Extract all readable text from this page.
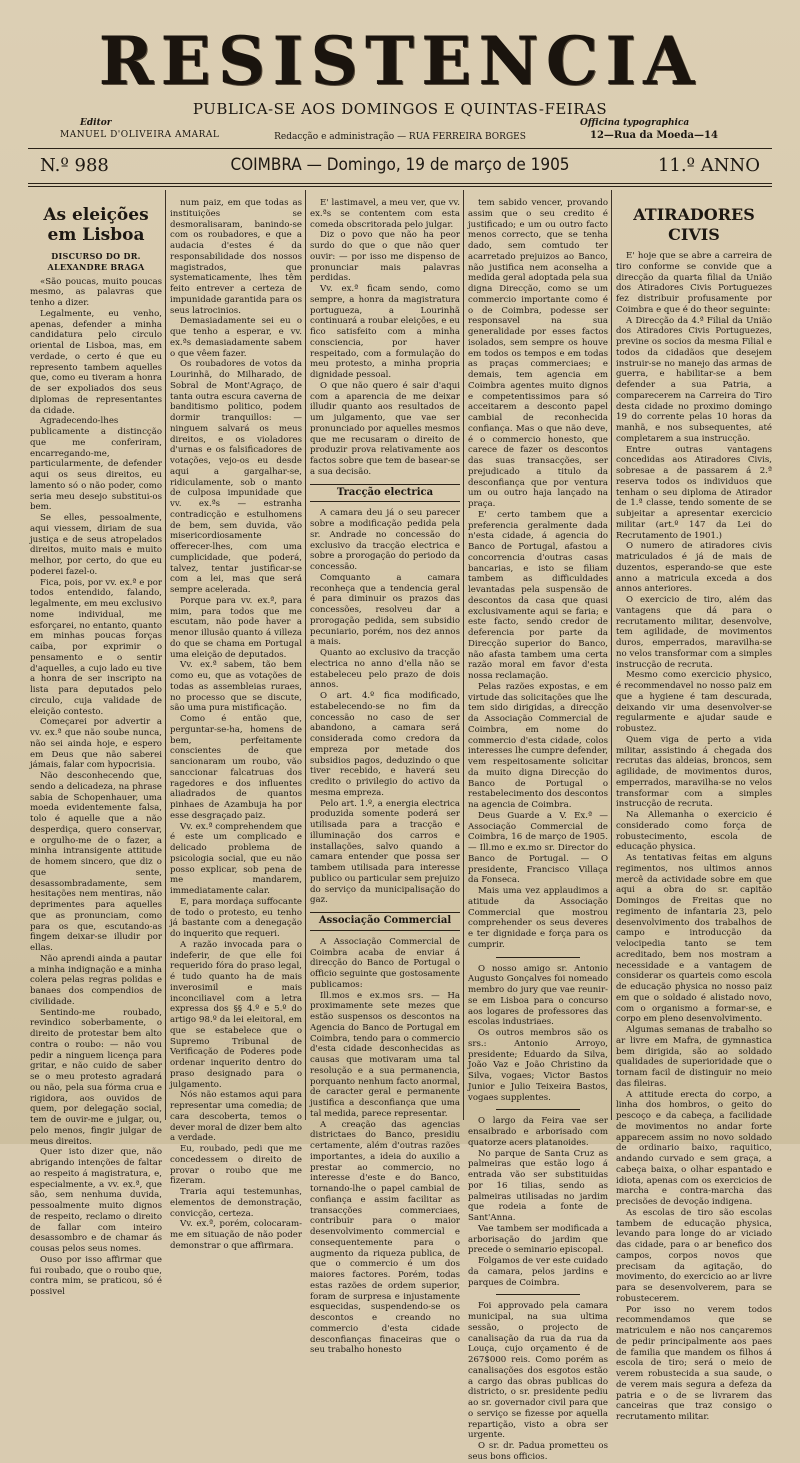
RESISTENCIA
PUBLICA-SE AOS DOMINGOS E QUINTAS-FEIRAS
Editor
MANUEL D'OLIVEIRA AMARAL
Officina typographica
12—Rua da Moeda—14
Redacção e administração — RUA FERREIRA BORGES
N.º 988	COIMBRA — Domingo, 19 de março de 1905	11.º ANNO
As eleições em Lisboa
DISCURSO DO DR. ALEXANDRE BRAGA

«São poucas, muito poucas mesmo, as palavras que tenho a dizer.

Legalmente, eu venho, apenas, defender a minha candidatura pelo circulo oriental de Lisboa, mas, em verdade, o certo é que eu represento tambem aquelles que, como eu tiveram a honra de ser expoliados dos seus diplomas de representantes da cidade.

Agradecendo-lhes publicamente a distincção que me conferiram, encarregando-me, particularmente, de defender aqui os seus direitos, eu lamento só o não poder, como seria meu desejo substitui-os bem.

Se elles, pessoalmente, aqui viessem, diriam de sua justiça e de seus atropelados direitos, muito mais e muito melhor, por certo, do que eu poderei fazel-o.

Fica, pois, por vv. ex.ª e por todos entendido, falando, legalmente, em meu exclusivo nome individual, me esforçarei, no entanto, quanto em minhas poucas forças caiba, por exprimir o pensamento e o sentir d'aquelles, a cujo lado eu tive a honra de ser inscripto na lista para deputados pelo circulo, cuja validade de eleição contesto.

Começarei por advertir a vv. ex.ª que não soube nunca, não sei ainda hoje, e espero em Deus que não saberei jámais, falar com hypocrisia.

Não desconhecendo que, sendo a delicadeza, na phrase sabia de Schopenhauer, uma moeda evidentemente falsa, tolo é aquelle que a não desperdiça, quero conservar, e orgulho-me de o fazer, a minha intransigente attitude de homem sincero, que diz o que sente, desassombradamente, sem hesitações nem mentiras, não deprimentes para aquelles que as pronunciam, como para os que, escutando-as fingem deixar-se illudir por ellas.

Não aprendi ainda a pautar a minha indignação e a minha colera pelas regras polidas e banaes dos compendios de civilidade.

Sentindo-me roubado, revindico soberbamente, o direito de protestar bem alto contra o roubo: — não vou pedir a ninguem licença para gritar, e não cuido de saber se o meu protesto agradará ou não, pela sua fórma crua e rigidora, aos ouvidos de quem, por delegação social, tem de ouvir-me e julgar, ou, pelo menos, fingir julgar de meus direitos.

Quer isto dizer que, não abrigando intenções de faltar ao respeito á magistratura, e, especialmente, a vv. ex.ª, que são, sem nenhuma duvida, pessoalmente muito dignos de respeito, reclamo o direito de fallar com inteiro desassombro e de chamar ás cousas pelos seus nomes.

Ouso por isso affirmar que fui roubado, que o roubo que, contra mim, se praticou, só é possivel

num paiz, em que todas as instituições se desmoralisaram, banindo-se com os roubadores, e que a audacia d'estes é da responsabilidade dos nossos magistrados, que systematicamente, lhes têm feito entrever a certeza de impunidade garantida para os seus latrocinios.

Demasiadamente sei eu o que tenho a esperar, e vv. ex.ªs demasiadamente sabem o que vêem fazer.

Os roubadores de votos da Lourinhã, do Milharado, de Sobral de Mont'Agraço, de tanta outra escura caverna de banditismo politico, podem dormir tranquillos: — ninguem salvará os meus direitos, e os violadores d'urnas e os falsificadores de votações, vejo-os eu desde aqui a gargalhar-se, ridiculamente, sob o manto de culposa impunidade que vv. ex.ªs — estranha contradicção e estulhomens de bem, sem duvida, vão misericordiosamente offerecer-lhes, com uma cumplicidade, que poderá, talvez, tentar justificar-se com a lei, mas que será sempre acelerada.

Porque para vv. ex.ª, para mim, para todos que me escutam, não pode haver a menor illusão quanto á villeza do que se chama em Portugal uma eleição de deputados.

Vv. ex.ª sabem, tão bem como eu, que as votações de todas as assembleias ruraes, no processo que se discute, são uma pura mistificação.

Como é então que, perguntar-se-ha, homens de bem, perfeitamente conscientes de que sancionaram um roubo, vão sanccionar falcatruas dos ragedores e dos influentes aliadrados de quantos pinhaes de Azambuja ha por esse desgraçado paiz.

Vv. ex.ª comprehendem que é este um complicado e delicado problema de psicologia social, que eu não posso explicar, sob pena de me mandarem, immediatamente calar.

E, para mordaça suffocante de todo o protesto, eu tenho já bastante com a denegação do inquerito que requeri.

A razão invocada para o indeferir, de que elle foi requerido fóra do praso legal, é tudo quanto ha de mais inverosimil e mais inconciliavel com a letra expressa dos §§ 4.º e 5.º do artigo 98.º da lei eleitoral, em que se estabelece que o Supremo Tribunal de Verificação de Poderes pode ordenar inquerito dentro do praso designado para o julgamento.

Nós não estamos aqui para representar uma comedia; de cara descoberta, temos o dever moral de dizer bem alto a verdade.

Eu, roubado, pedi que me concedessem o direito de provar o roubo que me fizeram.

Traria aqui testemunhas, elementos de demonstração, convicção, certeza.

Vv. ex.ª, porém, colocaram-me em situação de não poder demonstrar o que affirmara.

E' lastimavel, a meu ver, que vv. ex.ªs se contentem com esta comeda obscritorada pelo julgar.

Diz o povo que não ha peor surdo do que o que não quer ouvir: — por isso me dispenso de pronunciar mais palavras perdidas.

Vv. ex.ª ficam sendo, como sempre, a honra da magistratura portugueza, a Lourinhã continuará a roubar eleições, e eu fico satisfeito com a minha consciencia, por haver respeitado, com a formulação do meu protesto, a minha propria dignidade pessoal.

O que não quero é sair d'aqui com a aparencia de me deixar illudir quanto aos resultados de um julgamento, que vae ser pronunciado por aquelles mesmos que me recusaram o direito de produzir prova relativamente aos factos sobre que tem de basear-se a sua decisão.

Tracção electrica

A camara deu já o seu parecer sobre a modificação pedida pela sr. Andrade no concessão do exclusivo da tracção electrica e sobre a prorogação do periodo da concessão.

Comquanto a camara reconheça que a tendencia geral é para diminuir os prazos das concessões, resolveu dar a prorogação pedida, sem subsidio pecuniario, porém, nos dez annos a mais.

Quanto ao exclusivo da tracção electrica no anno d'ella não se estabeleceu pelo prazo de dois annos.

O art. 4.º fica modificado, estabelecendo-se no fim da concessão no caso de ser abandono, a camara será considerada como credora da empreza por metade dos subsidios pagos, deduzindo o que tiver recebido, e haverá seu credito o privilegio do activo da mesma empreza.

Pelo art. 1.º, a energia electrica produzida somente poderá ser utilisada para a tracção e illuminação dos carros e installações, salvo quando a camara entender que possa ser tambem utilisada para interesse publico ou particular sem prejuizo do serviço da municipalisação do gaz.

Associação Commercial

A Associação Commercial de Coimbra acaba de enviar á direcção do Banco de Portugal o officio seguinte que gostosamente publicamos:

Ill.mos e ex.mos srs. — Ha proximamente sete mezes que estão suspensos os descontos na Agencia do Banco de Portugal em Coimbra, tendo para o commercio d'esta cidade desconhecidas as causas que motivaram uma tal resolução e a sua permanencia, porquanto nenhum facto anormal, de caracter geral e permanente justifica a desconfiança que uma tal medida, parece representar.

A creação das agencias districtaes do Banco, presidiu certamente, além d'outras razões importantes, a ideia do auxilio a prestar ao commercio, no interesse d'este e do Banco, tornando-lhe o papel cambial de confiança e assim facilitar as transacções commerciaes, contribuir para o maior desenvolvimento commercial e consequentemente para o augmento da riqueza publica, de que o commercio é um dos maiores factores. Porém, todas estas razões de ordem superior, foram de surpresa e injustamente esquecidas, suspendendo-se os descontos e creando no commercio d'esta cidade desconfianças finaceiras que o seu trabalho honesto

tem sabido vencer, provando assim que o seu credito é justificado; e um ou outro facto menos correcto, que se tenha dado, sem comtudo ter acarretado prejuizos ao Banco, não justifica nem aconselha a medida geral adoptada pela sua digna Direcção, como se um commercio importante como é o de Coimbra, podesse ser responsavel na sua generalidade por esses factos isolados, sem sempre os houve em todos os tempos e em todas as praças commerciaes; e demais, tem agencia em Coimbra agentes muito dignos e competentissimos para só acceitarem a desconto papel cambial de reconhecida confiança. Mas o que não deve, é o commercio honesto, que carece de fazer os descontos das suas transacções, ser prejudicado a titulo da desconfiança que por ventura um ou outro haja lançado na praça.

E' certo tambem que a preferencia geralmente dada n'esta cidade, á agencia do Banco de Portugal, afastou a concorrencia d'outras casas bancarias, e isto se filiam tambem as difficuldades levantadas pela suspensão de descontos da casa que quasi exclusivamente aqui se faria; e este facto, sendo credor de deferencia por parte da Direcção superior do Banco, não afasta tambem uma certa razão moral em favor d'esta nossa reclamação.

Pelas razões expostas, e em virtude das solicitações que lhe tem sido dirigidas, a direcção da Associação Commercial de Coimbra, em nome do commercio d'esta cidade, colos interesses lhe cumpre defender, vem respeitosamente solicitar da muito digna Direcção do Banco de Portugal o restabelecimento dos descontos na agencia de Coimbra.

Deus Guarde a V. Ex.ª — Associação Commercial de Coimbra, 16 de março de 1905. — Ill.mo e ex.mo sr. Director do Banco de Portugal. — O presidente, Francisco Villaça da Fonseca.

Mais uma vez applaudimos a atitude da Associação Commercial que mostrou comprehender os seus deveres e ter dignidade e força para os cumprir.

O nosso amigo sr. Antonio Augusto Gonçalves foi nomeado membro do jury que vae reunir-se em Lisboa para o concurso aos logares de professores das escolas industriaes.

Os outros membros são os srs.: Antonio Arroyo, presidente; Eduardo da Silva, João Vaz e João Christino da Silva, vogaes; Victor Bastos Junior e Julio Teixeira Bastos, vogaes supplentes.

O largo da Feira vae ser ensaibrado e arborisado com quatorze acers platanoides.

No parque de Santa Cruz as palmeiras que estão logo á entrada vão ser substituidas por 16 tilias, sendo as palmeiras utilisadas no jardim que rodeia a fonte de Sant'Anna.

Vae tambem ser modificada a arborisação do jardim que precede o seminario episcopal.

Folgamos de ver este cuidado da camara, pelos jardins e parques de Coimbra.

Foi approvado pela camara municipal, na sua ultima sessão, o projecto de canalisação da rua da rua da Louça, cujo orçamento é de 267$000 reis. Como porém as canalisações dos esgotos estão a cargo das obras publicas do districto, o sr. presidente pediu ao sr. governador civil para que o serviço se fizesse por aquella repartição, visto a obra ser urgente.

O sr. dr. Padua prometteu os seus bons officios.

ATIRADORES CIVIS

E' hoje que se abre a carreira de tiro conforme se convide que a direcção da quarta filial da União dos Atiradores Civis Portuguezes fez distribuir profusamente por Coimbra e que é do theor seguinte:

A Direcção da 4.ª Filial da União dos Atiradores Civis Portuguezes, previne os socios da mesma Filial e todos da cidadãos que desejem instruir-se no manejo das armas de guerra, e habilitar-se a bem defender a sua Patria, a comparecerem na Carreira do Tiro desta cidade no proximo domingo 19 do corrente pelas 10 horas da manhã, e nos subsequentes, até completarem a sua instrucção.

Entre outras vantagens concedidas aos Atiradores Civis, sobresae a de passarem á 2.ª reserva todos os individuos que tenham o seu diploma de Atirador de 1.ª classe, tendo somente de se subjeitar a apresentar exercicio militar (art.º 147 da Lei do Recrutamento de 1901.)

O numero de atiradores civis matriculados é já de mais de duzentos, esperando-se que este anno a matricula exceda a dos annos anteriores.

O exercicio de tiro, além das vantagens que dá para o recrutamento militar, desenvolve, tem agilidade, de movimentos duros, emperrados, maravilha-se no velos transformar com a simples instrucção de recruta.

Mesmo como exercicio physico, é recommendavel no nosso paiz em que a hygiene é tam descurada, deixando vir uma desenvolver-se regularmente e ajudar saude e robustez.

Quem viga de perto a vida militar, assistindo á chegada dos recrutas das aldeias, broncos, sem agilidade, de movimentos duros, emperrados, maravilha-se no velos transformar com a simples instrucção de recruta.

Na Allemanha o exercicio é considerado como força de robustecimento, escola de educação physica.

As tentativas feitas em alguns regimentos, nos ultimos annos mercê da actividade sobre em que aqui a obra do sr. capitão Domingos de Freitas que no regimento de infantaria 23, pelo desenvolvimento dos trabalhos de campo e introducção da velocipedia tanto se tem acreditado, bem nos mostram a necessidade e a vantagem de considerar os quarteis como escola de educação physica no nosso paiz em que o soldado é alistado novo, com o organismo a formar-se, e corpo em pleno desenvolvimento.

Algumas semanas de trabalho so ar livre em Mafra, de gymnastica bem dirigida, são ao soldado qualidades de superioridade que o tornam facil de distinguir no meio das fileiras.

A attitude erecta do corpo, a linha dos hombros, o geito do pescoço e da cabeça, a facilidade de movimentos no andar forte apparecem assim no novo soldado de ordinario baixo, raquitico, andando curvado e sem graça, a cabeça baixa, o olhar espantado e idiota, apenas com os exercicios de marcha e contra-marcha das precisões de devoção indigena.

As escolas de tiro são escolas tambem de educação physica, levando para longe do ar viciado das cidade, para o ar benefico dos campos, corpos novos que precisam da agitação, do movimento, do exercicio ao ar livre para se desenvolverem, para se robustecerem.

Por isso no verem todos recommendamos que se matriculem e não nos cançaremos de pedir principalmente aos paes de familia que mandem os filhos á escola de tiro; será o meio de verem robustecida a sua saude, o de verem mais segura a defeza da patria e o de se livrarem das canceiras que traz consigo o recrutamento militar.
